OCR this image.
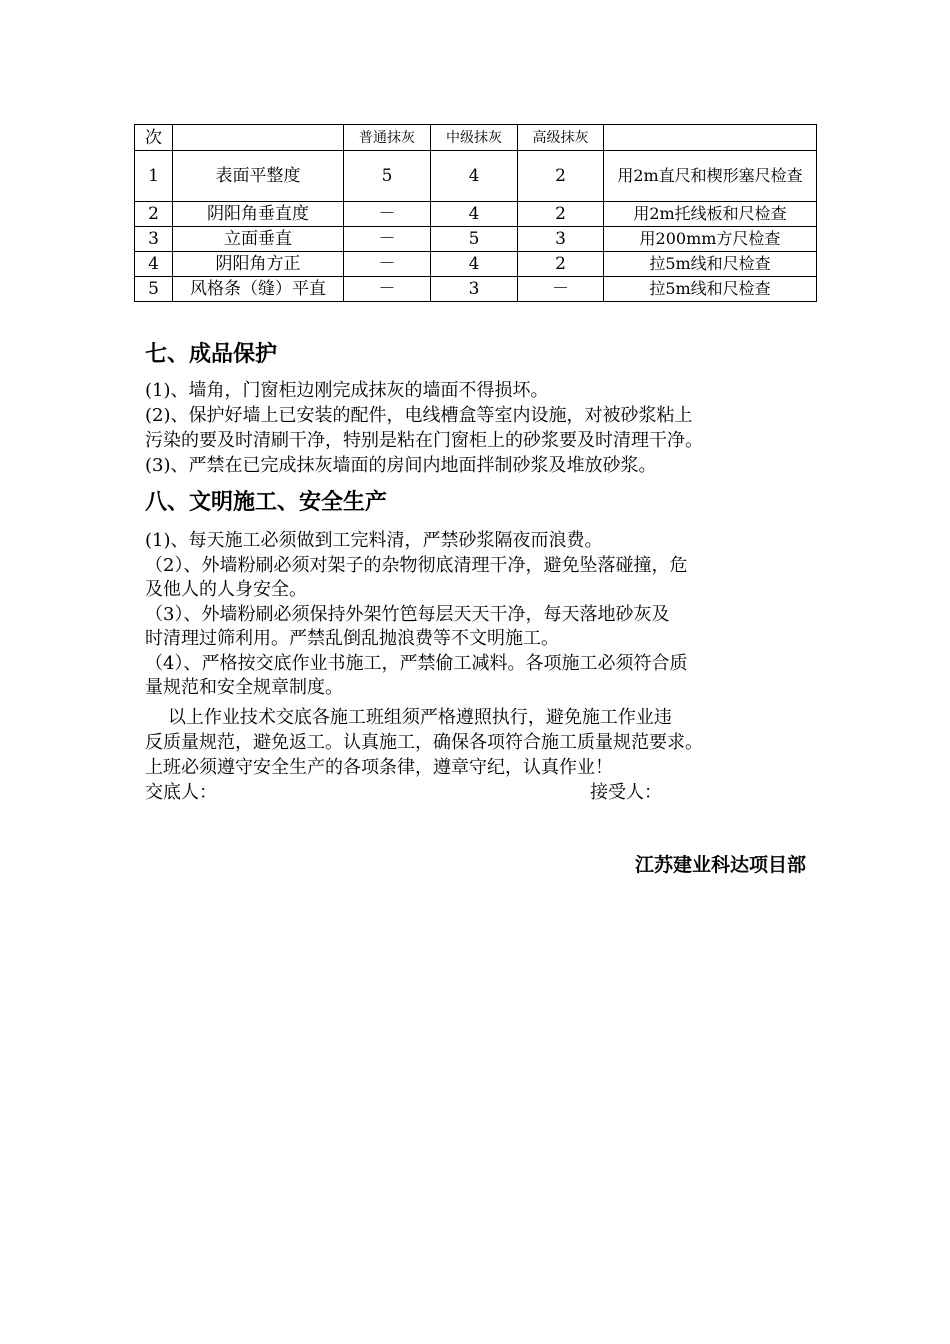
次		普通抹灰	中级抹灰	高级抹灰	
1	表面平整度	5	4	2	用2m直尺和楔形塞尺检查
2	阴阳角垂直度	－	4	2	用2m托线板和尺检查
3	立面垂直	－	5	3	用200mm方尺检查
4	阴阳角方正	－	4	2	拉5m线和尺检查
5	风格条（缝）平直	－	3	－	拉5m线和尺检查
七、成品保护
(1)、墙角，门窗柜边刚完成抹灰的墙面不得损坏。
(2)、保护好墙上已安装的配件，电线槽盒等室内设施，对被砂浆粘上
污染的要及时清刷干净，特别是粘在门窗柜上的砂浆要及时清理干净。
(3)、严禁在已完成抹灰墙面的房间内地面拌制砂浆及堆放砂浆。
八、文明施工、安全生产
(1)、每天施工必须做到工完料清，严禁砂浆隔夜而浪费。
（2）、外墙粉刷必须对架子的杂物彻底清理干净，避免坠落碰撞，危
及他人的人身安全。
（3）、外墙粉刷必须保持外架竹笆每层天天干净，每天落地砂灰及
时清理过筛利用。严禁乱倒乱抛浪费等不文明施工。
（4）、严格按交底作业书施工，严禁偷工减料。各项施工必须符合质
量规范和安全规章制度。
以上作业技术交底各施工班组须严格遵照执行，避免施工作业违
反质量规范，避免返工。认真施工，确保各项符合施工质量规范要求。
上班必须遵守安全生产的各项条律，遵章守纪，认真作业！
交底人：	接受人：
江苏建业科达项目部
